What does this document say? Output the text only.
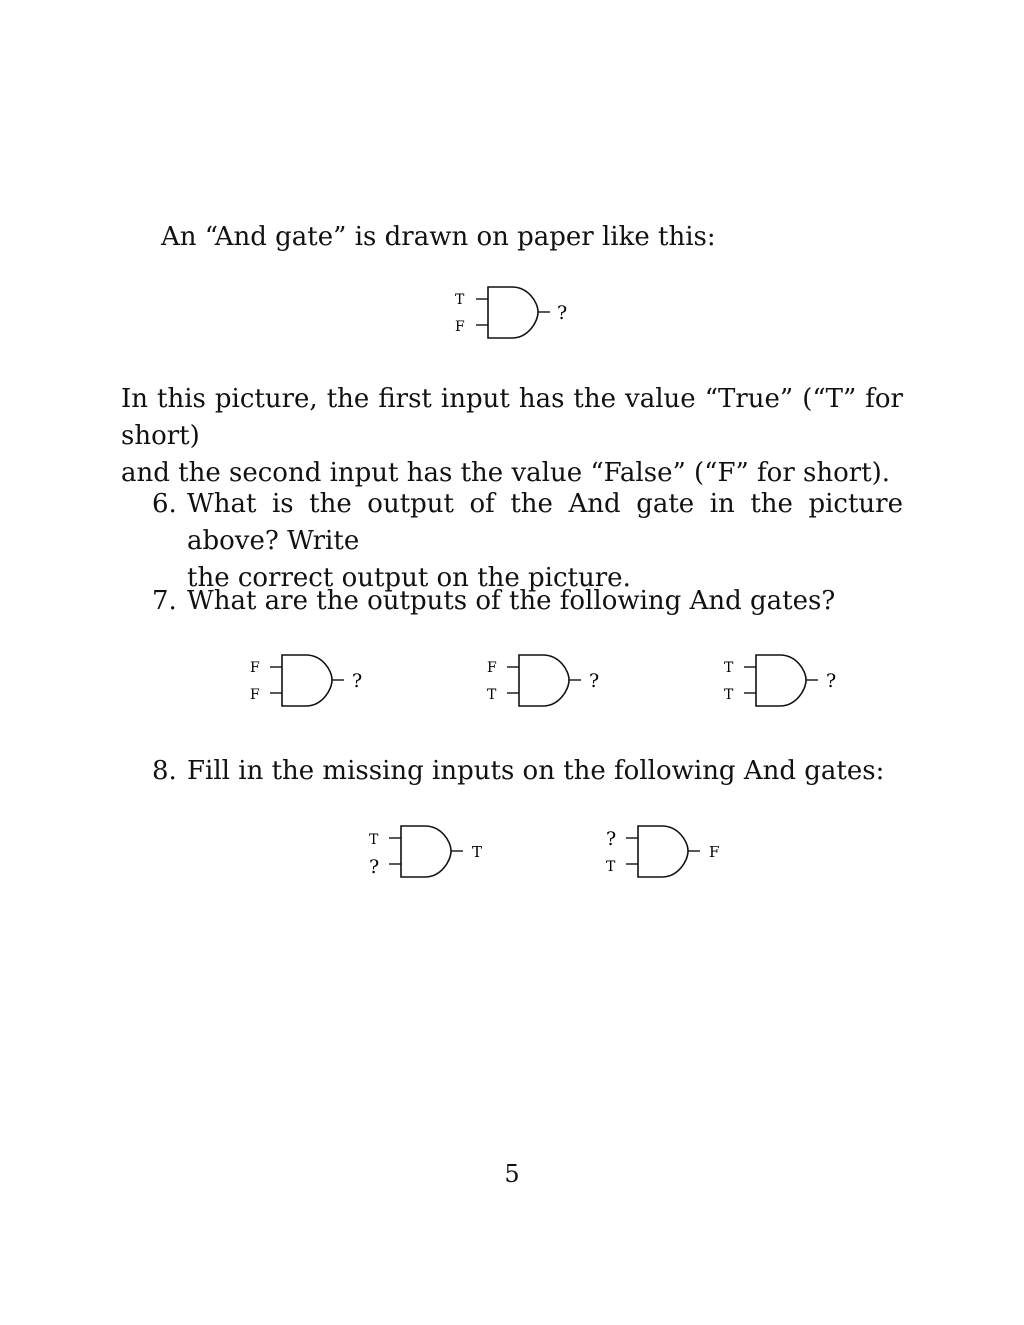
An “And gate” is drawn on paper like this:
T
F
?
In this picture, the first input has the value “True” (“T” for short)
and the second input has the value “False” (“F” for short).
6. What is the output of the And gate in the picture above? Write
the correct output on the picture.
7. What are the outputs of the following And gates?
F
F
?
F
T
?
T
T
?
8. Fill in the missing inputs on the following And gates:
T
?
T
?
T
F
5
